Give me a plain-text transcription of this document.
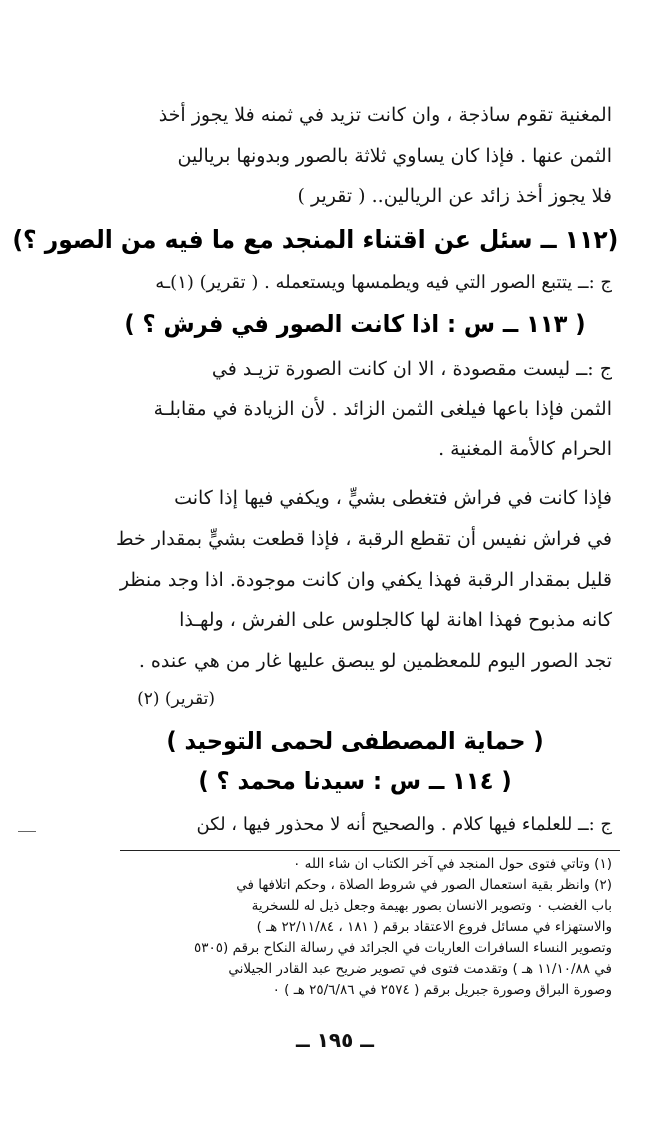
المغنية تقوم ساذجة ، وان كانت تزيد في ثمنه فلا يجوز أخذ
الثمن عنها . فإذا كان يساوي ثلاثة بالصور وبدونها بريالين
فلا يجوز أخذ زائد عن الريالين.. ( تقرير )
(١١٢ ــ سئل عن اقتناء المنجد مع ما فيه من الصور ؟)
ج :ــ يتتبع الصور التي فيه ويطمسها ويستعمله . ( تقرير) (١)ـه
( ١١٣ ــ س : اذا كانت الصور في فرش ؟ )
ج :ــ ليست مقصودة ، الا ان كانت الصورة تزيـد في
الثمن فإذا باعها فيلغى الثمن الزائد . لأن الزيادة في مقابلـة
الحرام كالأمة المغنية .
فإذا كانت في فراش فتغطى بشيٍّ ، ويكفي فيها إذا كانت
في فراش نفيس أن تقطع الرقبة ، فإذا قطعت بشيٍّ بمقدار خط
قليل بمقدار الرقبة فهذا يكفي وان كانت موجودة. اذا وجد منظر
كانه مذبوح فهذا اهانة لها كالجلوس على الفرش ، ولهـذا
تجد الصور اليوم للمعظمين لو يبصق عليها غار من هي عنده .
(تقرير) (٢)
( حماية المصطفى لحمى التوحيد )
( ١١٤ ــ س : سيدنا محمد ؟ )
ج :ــ للعلماء فيها كلام . والصحيح أنه لا محذور فيها ، لكن
(١) وتاتي فتوى حول المنجد في آخر الكتاب ان شاء الله ٠
(٢) وانظر بقية استعمال الصور في شروط الصلاة ، وحكم اتلافها في
باب الغضب ٠ وتصوير الانسان بصور بهيمة وجعل ذيل له للسخرية
والاستهزاء في مسائل فروع الاعتقاد برقم ( ١٨١ ، ٢٢/١١/٨٤ هـ )
وتصوير النساء السافرات العاريات في الجرائد في رسالة النكاح برقم (٥٣٠٥
في ١١/١٠/٨٨ هـ ) وتقدمت فتوى في تصوير ضريح عبد القادر الجيلاني
وصورة البراق وصورة جبريل برقم ( ٢٥٧٤ في ٢٥/٦/٨٦ هـ ) ٠
ــ ١٩٥ ــ
